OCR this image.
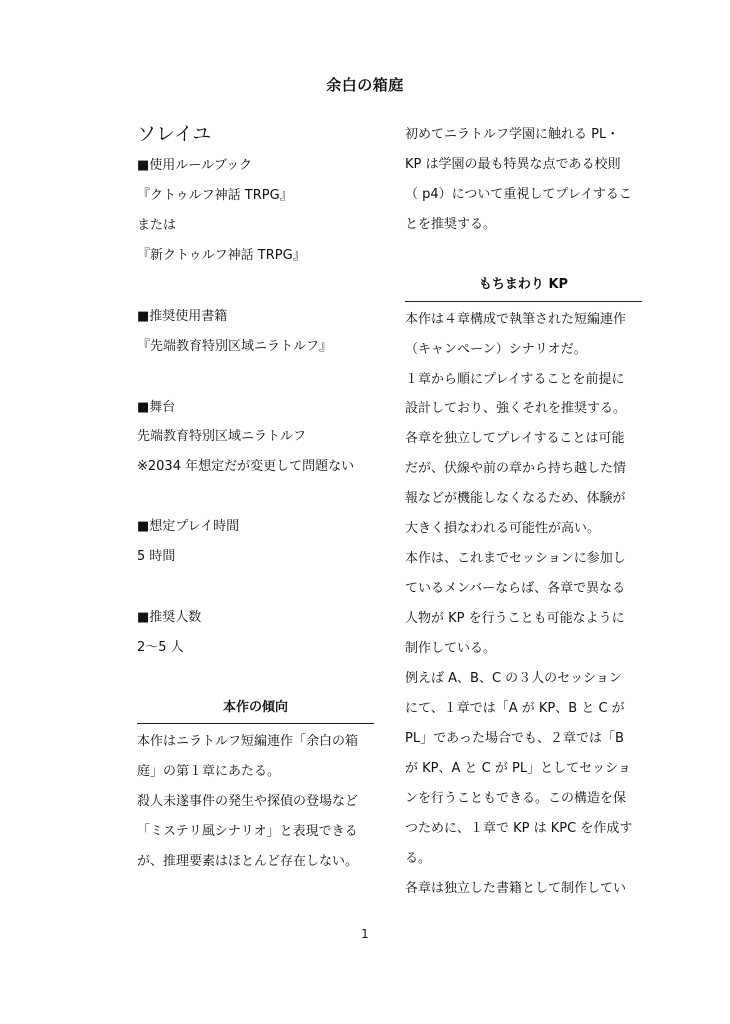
余白の箱庭
ソレイユ
■使用ルールブック
『クトゥルフ神話 TRPG』
または
『新クトゥルフ神話 TRPG』
■推奨使用書籍
『先端教育特別区域ニラトルフ』
■舞台
先端教育特別区域ニラトルフ
※2034 年想定だが変更して問題ない
■想定プレイ時間
5 時間
■推奨人数
2〜5 人
本作の傾向
本作はニラトルフ短編連作「余白の箱
庭」の第１章にあたる。
殺人未遂事件の発生や探偵の登場など
「ミステリ風シナリオ」と表現できる
が、推理要素はほとんど存在しない。
初めてニラトルフ学園に触れる PL・
KP は学園の最も特異な点である校則
（ p4）について重視してプレイするこ
とを推奨する。
もちまわり KP
本作は４章構成で執筆された短編連作
（キャンペーン）シナリオだ。
１章から順にプレイすることを前提に
設計しており、強くそれを推奨する。
各章を独立してプレイすることは可能
だが、伏線や前の章から持ち越した情
報などが機能しなくなるため、体験が
大きく損なわれる可能性が高い。
本作は、これまでセッションに参加し
ているメンバーならば、各章で異なる
人物が KP を行うことも可能なように
制作している。
例えば A、B、C の３人のセッション
にて、１章では「A が KP、B と C が
PL」であった場合でも、２章では「B
が KP、A と C が PL」としてセッショ
ンを行うこともできる。この構造を保
つために、１章で KP は KPC を作成す
る。
各章は独立した書籍として制作してい
1
